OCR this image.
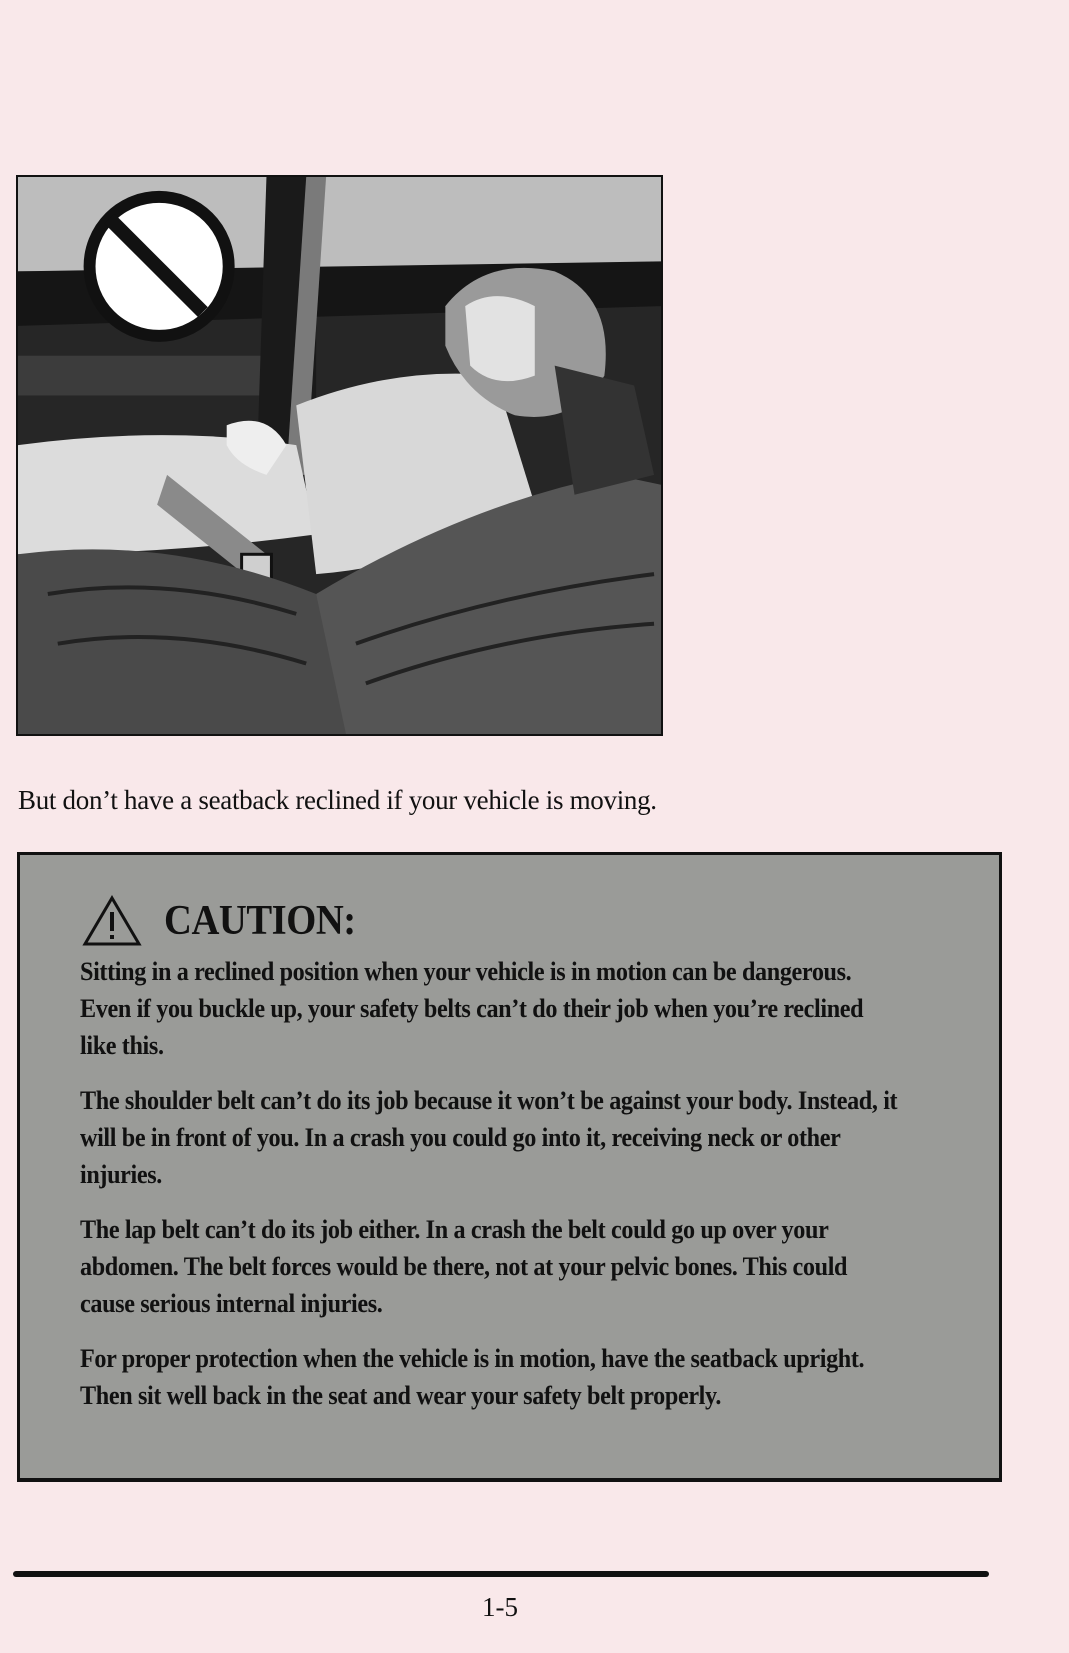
But don’t have a seatback reclined if your vehicle is moving.
CAUTION:

Sitting in a reclined position when your vehicle is in motion can be dangerous. Even if you buckle up, your safety belts can’t do their job when you’re reclined like this.

The shoulder belt can’t do its job because it won’t be against your body. Instead, it will be in front of you. In a crash you could go into it, receiving neck or other injuries.

The lap belt can’t do its job either. In a crash the belt could go up over your abdomen. The belt forces would be there, not at your pelvic bones. This could cause serious internal injuries.

For proper protection when the vehicle is in motion, have the seatback upright. Then sit well back in the seat and wear your safety belt properly.

1-5
